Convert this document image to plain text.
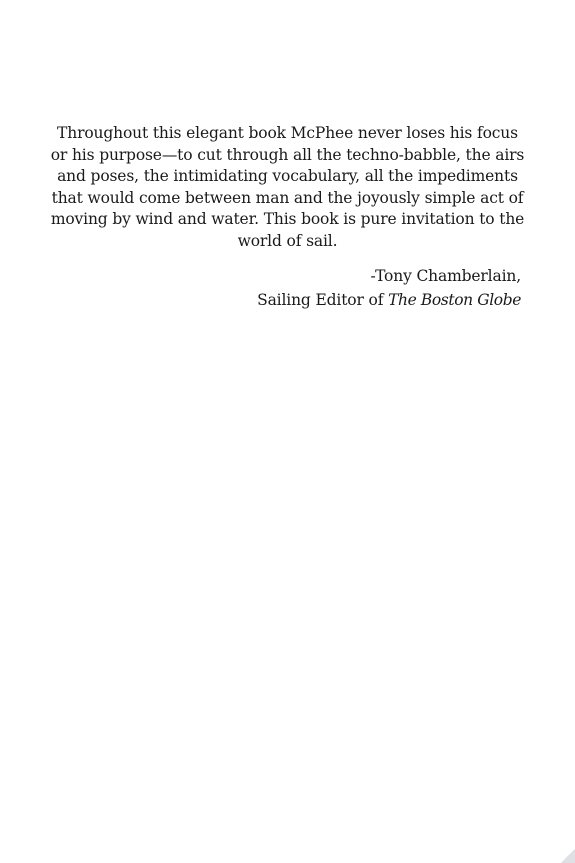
Throughout this elegant book McPhee never loses his focus or his purpose—to cut through all the techno-babble, the airs and poses, the intimidating vocabulary, all the impediments that would come between man and the joyously simple act of moving by wind and water. This book is pure invitation to the world of sail.

-Tony Chamberlain,
Sailing Editor of The Boston Globe
